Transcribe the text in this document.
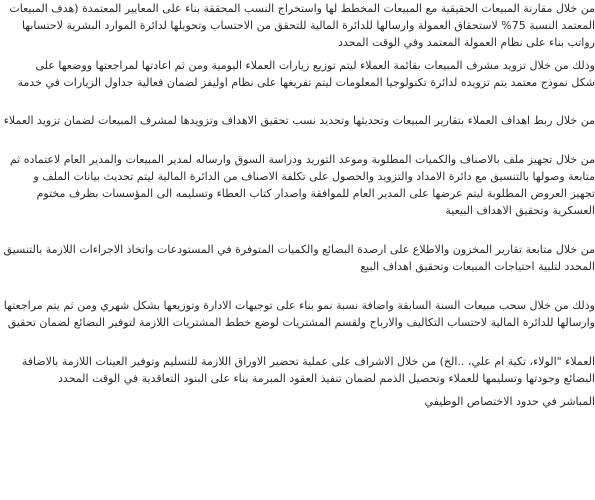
من خلال مقارنة المبيعات الحقيقية مع المبيعات المخطط لها واستخراج النسب المحققة بناء على المعايير المعتمدة (هدف المبيعات
المعتمد النسبة 75% لاستحقاق العمولة وارسالها للدائرة المالية للتحقق من الاحتساب وتحويلها لدائرة الموارد البشرية لاحتسابها
رواتب بناء على نظام العمولة المعتمد وفي الوقت المحدد
وذلك من خلال تزويد مشرف المبيعات بقائمة العملاء ليتم توزيع زيارات العملاء اليومية ومن ثم اعادتها لمراجعتها ووضعها على
شكل نموذج معتمد يتم تزويده لدائرة تكنولوجيا المعلومات ليتم تفريغها على نظام اوليفز لضمان فعالية جداول الزيارات في خدمة
من خلال ربط اهداف العملاء بتقارير المبيعات وتحديثها وتحديد نسب تحقيق الاهداف وتزويدها لمشرف المبيعات لضمان تزويد العملاء
من خلال تجهيز ملف بالاصناف والكميات المطلوبة وموعد التوريد ودراسة السوق وارساله لمدير المبيعات والمدير العام لاعتماده ثم
متابعة وصولها بالتنسيق مع دائرة الامداد والتزويد والحصول على تكلفة الاصناف من الدائرة المالية ليتم تحديث بيانات الملف و
تجهيز العروض المطلوبة ليتم عرضها على المدير العام للموافقة واصدار كتاب العطاء وتسليمه الى المؤسسات بظرف مختوم
العسكرية وتحقيق الاهداف البيعية
من خلال متابعة تقارير المخزون والاطلاع على ارصدة البضائع والكميات المتوفرة في المستودعات واتخاذ الاجراءات اللازمة بالتنسيق
المحدد لتلبية احتياجات المبيعات وتحقيق اهداف البيع
وذلك من خلال سحب مبيعات السنة السابقة واضافة نسبة نمو بناء على توجيهات الادارة وتوزيعها بشكل شهري ومن ثم يتم مراجعتها
وارسالها للدائرة المالية لاحتساب التكاليف والارباح ولقسم المشتريات لوضع خطط المشتريات اللازمة لتوفير البضائع لضمان تحقيق
العملاء "الولاء، تكية ام علي، ..الخ) من خلال الاشراف على عملية تحضير الاوراق اللازمة للتسليم وتوفير العينات اللازمة بالاضافة
البضائع وجودتها وتسليمها للعملاء وتحصيل الذمم لضمان تنفيذ العقود المبرمة بناء على البنود التعاقدية في الوقت المحدد
المباشر في حدود الاختصاص الوظيفي
